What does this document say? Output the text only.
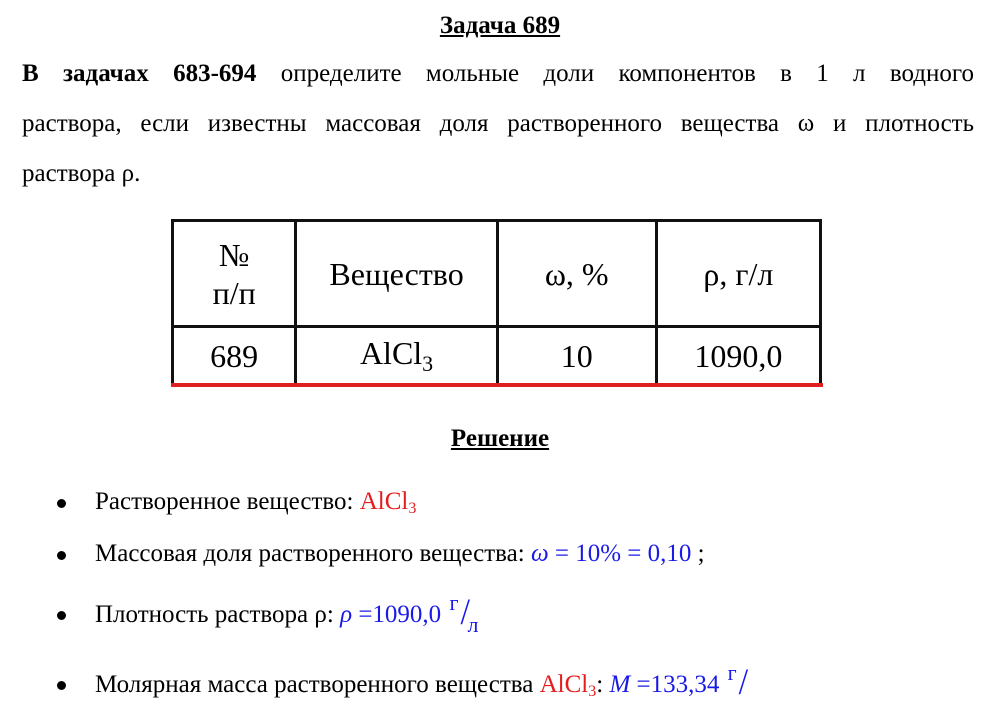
Задача 689
В задачах 683-694 определите мольные доли компонентов в 1 л водного
раствора, если известны массовая доля растворенного вещества ω и плотность
раствора ρ.
№
п/п	Вещество	ω, %	ρ, г/л
689	AlCl$_3$	10	1090,0
Решение
Растворенное вещество: AlCl$_3$
Массовая доля растворенного вещества: ω = 10% = 0,10 ;
Плотность раствора ρ: ρ =1090,0 г /
л
Молярная масса растворенного вещества AlCl$_3$: M =133,34 г /
